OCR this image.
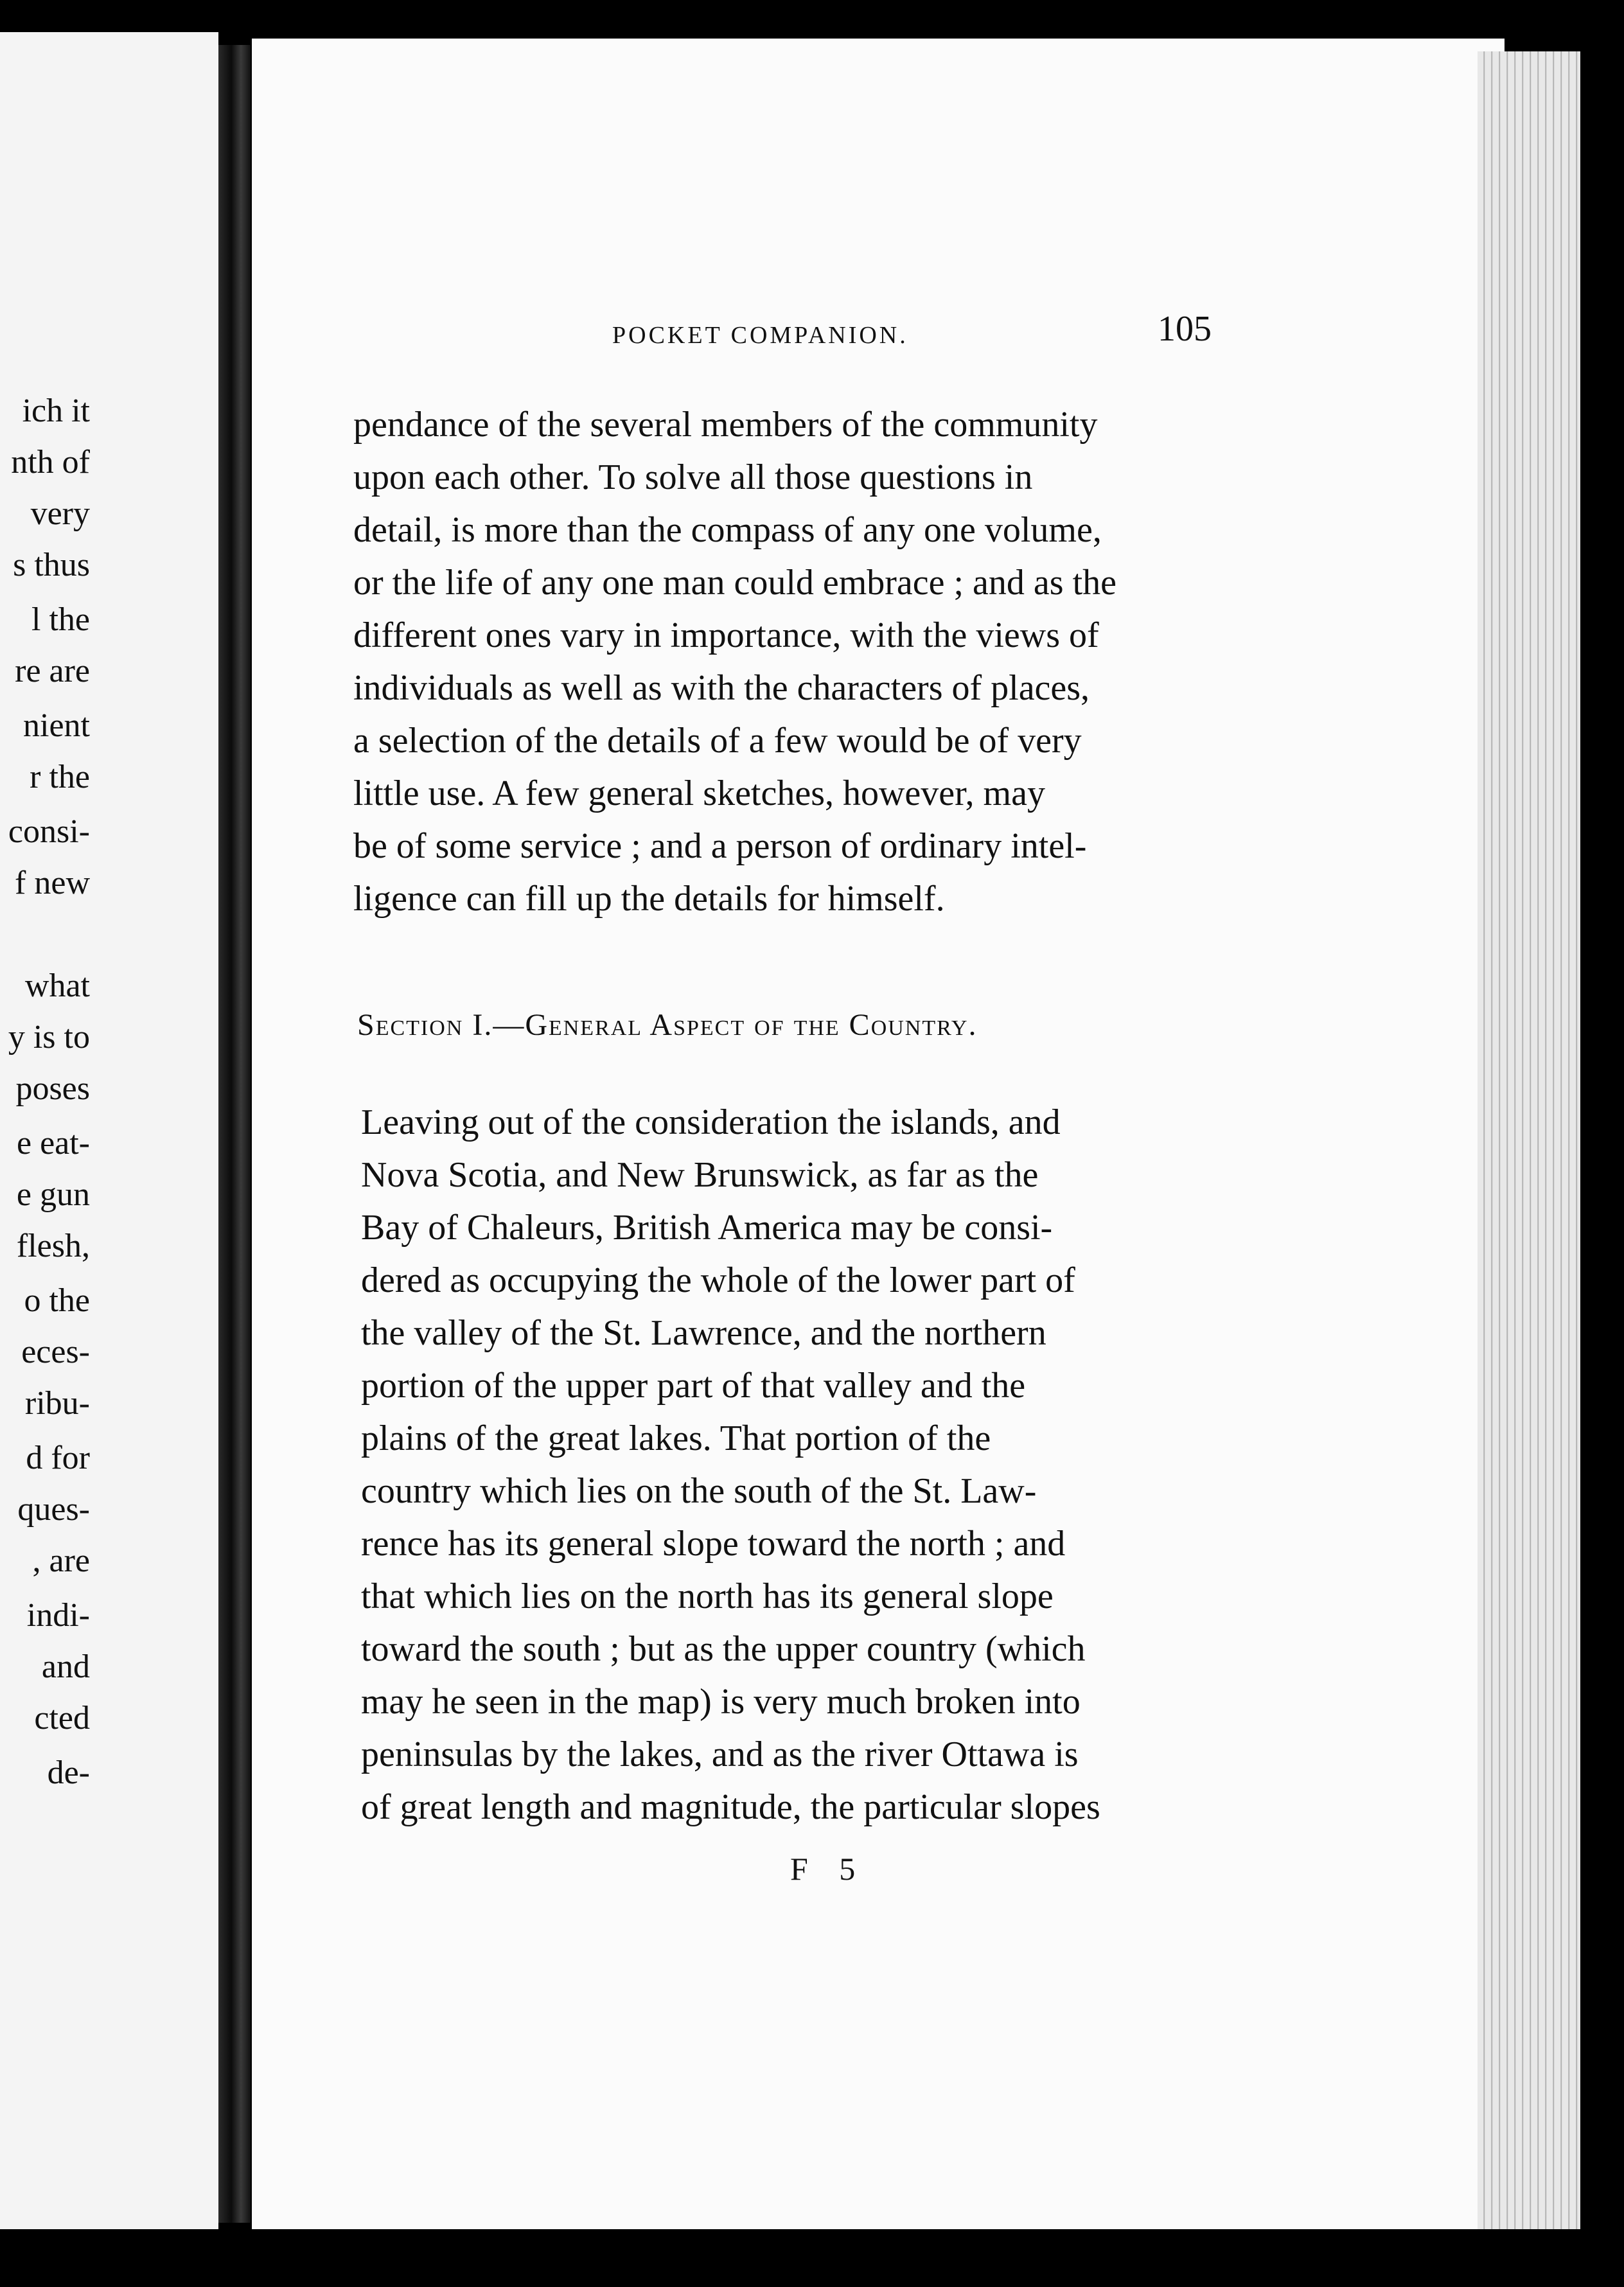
ich it
nth of
very
s thus
l the
re are
nient
r the
consi-
f new
what
y is to
poses
e eat-
e gun
flesh,
o the
eces-
ribu-
d for
ques-
, are
indi-
and
cted
de-
POCKET COMPANION.	105
pendance of the several members of the community
upon each other. To solve all those questions in
detail, is more than the compass of any one volume,
or the life of any one man could embrace ; and as the
different ones vary in importance, with the views of
individuals as well as with the characters of places,
a selection of the details of a few would be of very
little use. A few general sketches, however, may
be of some service ; and a person of ordinary intel-
ligence can fill up the details for himself.
Section I.—General Aspect of the Country.
Leaving out of the consideration the islands, and
Nova Scotia, and New Brunswick, as far as the
Bay of Chaleurs, British America may be consi-
dered as occupying the whole of the lower part of
the valley of the St. Lawrence, and the northern
portion of the upper part of that valley and the
plains of the great lakes. That portion of the
country which lies on the south of the St. Law-
rence has its general slope toward the north ; and
that which lies on the north has its general slope
toward the south ; but as the upper country (which
may he seen in the map) is very much broken into
peninsulas by the lakes, and as the river Ottawa is
of great length and magnitude, the particular slopes
F 5
